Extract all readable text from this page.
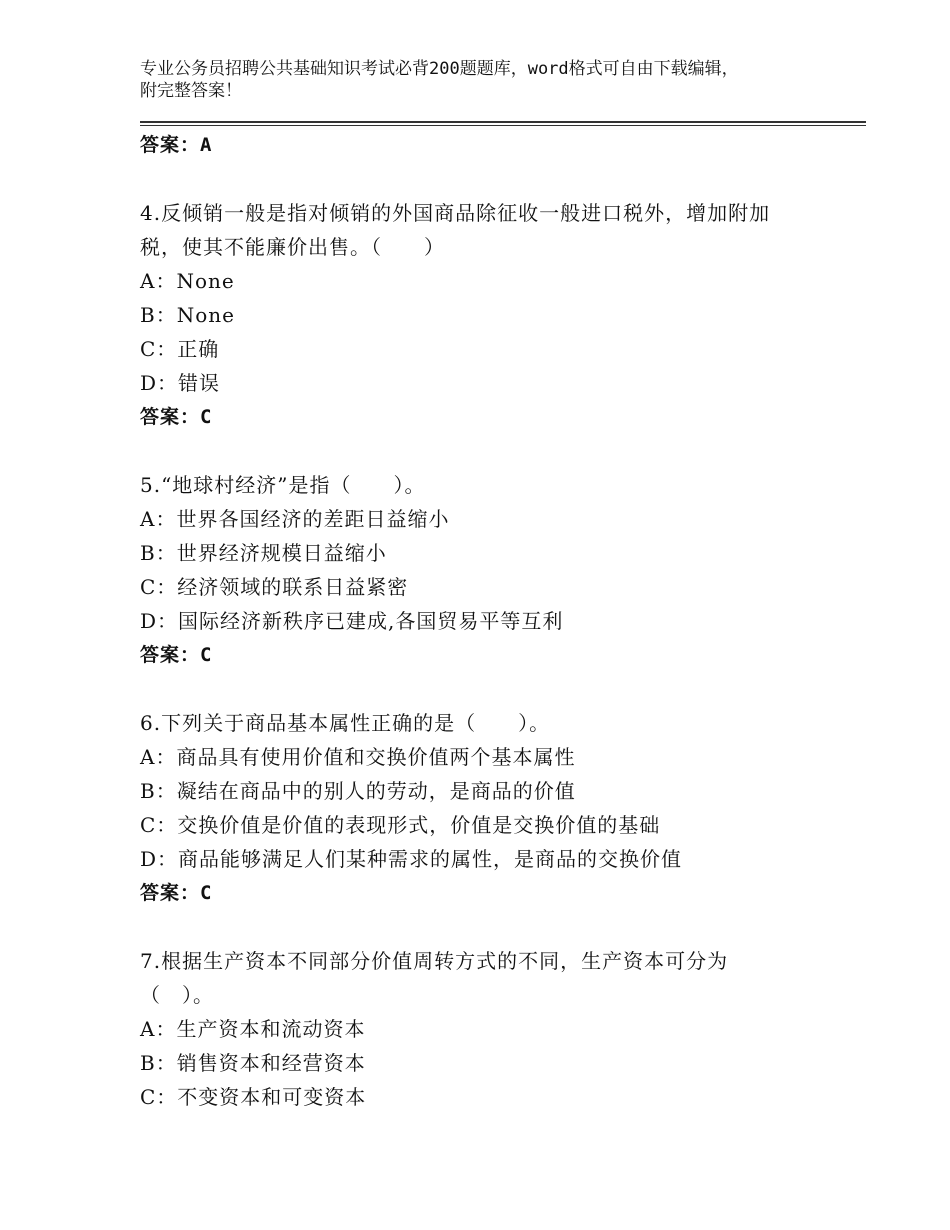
专业公务员招聘公共基础知识考试必背200题题库，word格式可自由下载编辑，
附完整答案！
答案：A
4.反倾销一般是指对倾销的外国商品除征收一般进口税外，增加附加
税，使其不能廉价出售。（　　）
A：None
B：None
C：正确
D：错误
答案：C
5.“地球村经济”是指（　　）。
A：世界各国经济的差距日益缩小
B：世界经济规模日益缩小
C：经济领域的联系日益紧密
D：国际经济新秩序已建成,各国贸易平等互利
答案：C
6.下列关于商品基本属性正确的是（　　）。
A：商品具有使用价值和交换价值两个基本属性
B：凝结在商品中的别人的劳动，是商品的价值
C：交换价值是价值的表现形式，价值是交换价值的基础
D：商品能够满足人们某种需求的属性，是商品的交换价值
答案：C
7.根据生产资本不同部分价值周转方式的不同，生产资本可分为
（　）。
A：生产资本和流动资本
B：销售资本和经营资本
C：不变资本和可变资本
